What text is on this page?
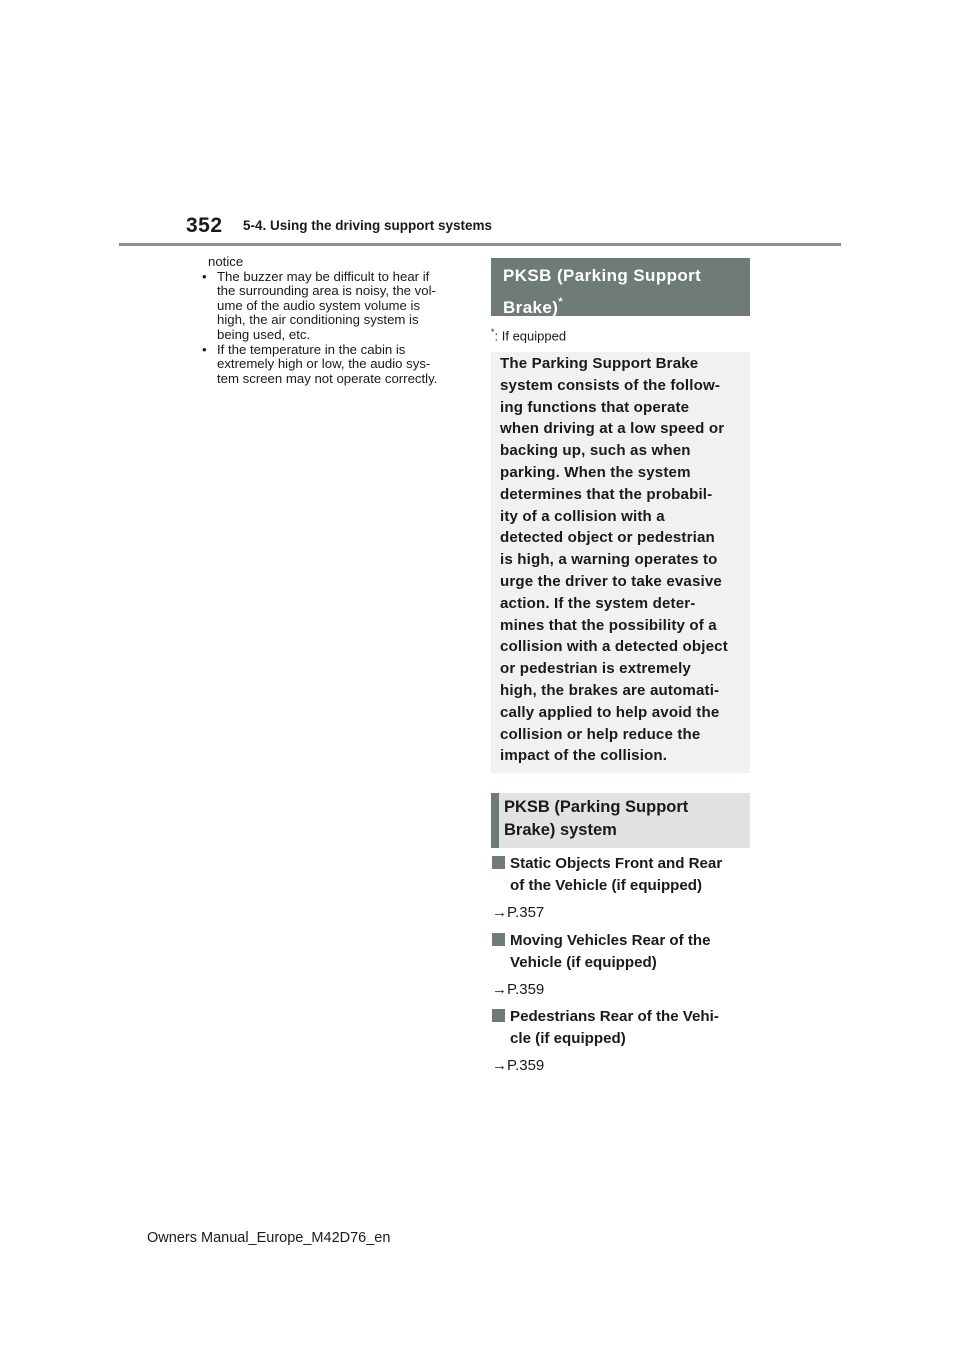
352 5-4. Using the driving support systems
notice
• The buzzer may be difficult to hear if
the surrounding area is noisy, the vol-
ume of the audio system volume is
high, the air conditioning system is
being used, etc.
• If the temperature in the cabin is
extremely high or low, the audio sys-
tem screen may not operate correctly.
PKSB (Parking Support
Brake)*
*: If equipped
The Parking Support Brake
system consists of the follow-
ing functions that operate
when driving at a low speed or
backing up, such as when
parking. When the system
determines that the probabil-
ity of a collision with a
detected object or pedestrian
is high, a warning operates to
urge the driver to take evasive
action. If the system deter-
mines that the possibility of a
collision with a detected object
or pedestrian is extremely
high, the brakes are automati-
cally applied to help avoid the
collision or help reduce the
impact of the collision.
PKSB (Parking Support
Brake) system
Static Objects Front and Rear
of the Vehicle (if equipped)
→P.357
Moving Vehicles Rear of the
Vehicle (if equipped)
→P.359
Pedestrians Rear of the Vehi-
cle (if equipped)
→P.359
Owners Manual_Europe_M42D76_en
